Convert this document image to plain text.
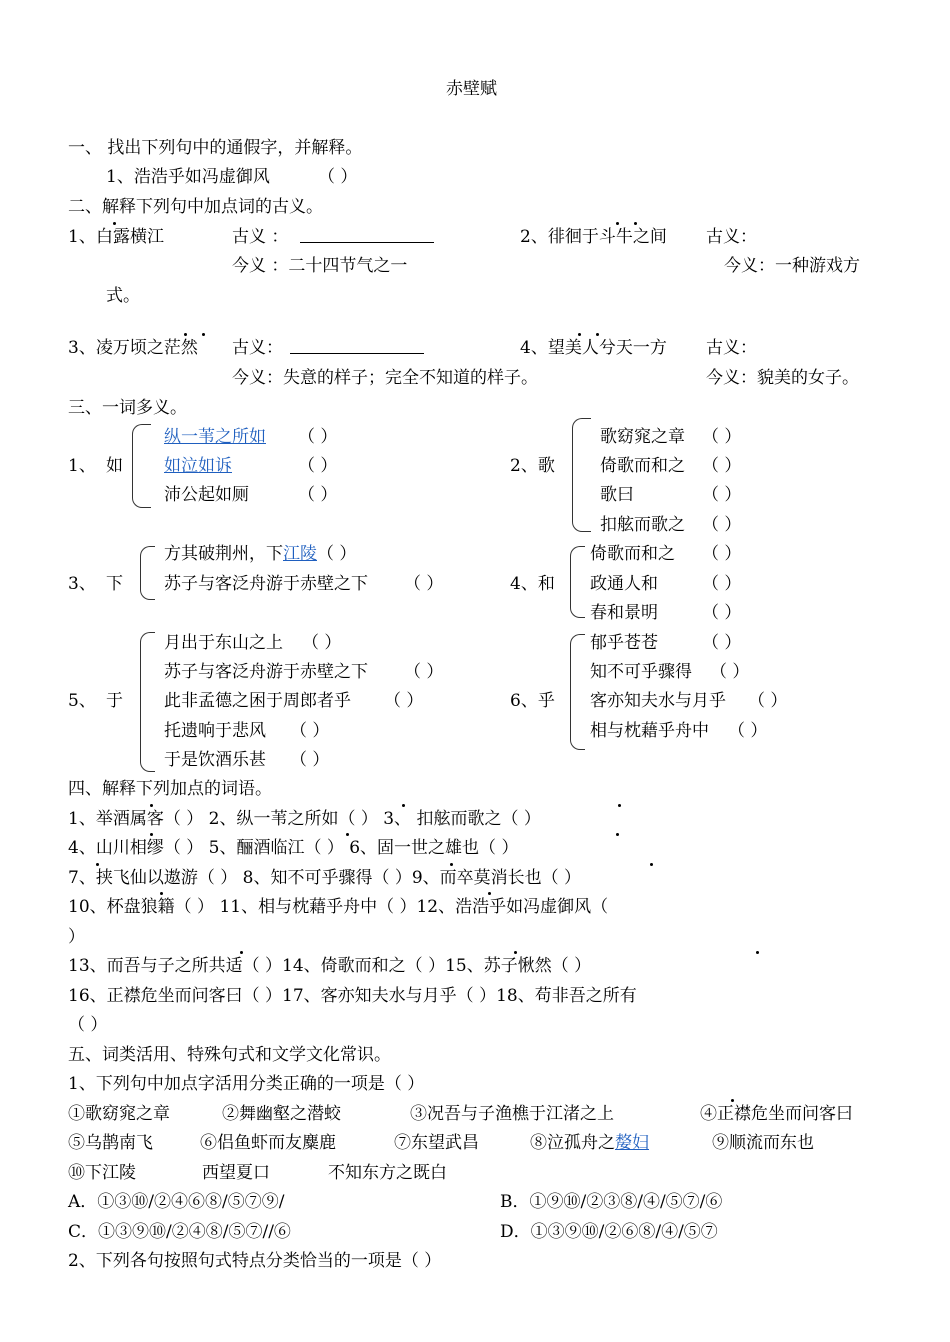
赤壁赋
一、 找出下列句中的通假字，并解释。
1、浩浩乎如冯虚御风	（ ）
二、解释下列句中加点词的古义。
1、 白露横江	古义 ：	2、徘徊于斗牛之间 古义：
今义 ：二十四节气之一	今义：一种游戏方
式。
3、凌万顷之茫然 古义：	4、望美人兮天一方 古义：
今义：失意的样子；完全不知道的样子。	今义：貌美的女子。
三、一词多义。
1、 如
纵一苇之所如 （ ）
如泣如诉	（ ）
沛公起如厕	（ ）
2、歌
歌窈窕之章 （ ）
倚歌而和之 （ ）
歌曰	（ ）
扣舷而歌之 （ ）
3、 下
方其破荆州，下江陵（ ）
苏子与客泛舟游于赤壁之下 （ ）	4、和
倚歌而和之 （ ）
政通人和	（ ）
春和景明	（ ）
5、 于
月出于东山之上 （ ）
苏子与客泛舟游于赤壁之下 （ ）
此非孟德之困于周郎者乎 （ ）
托遗响于悲风 （ ）
于是饮酒乐甚 （ ）
6、乎
郁乎苍苍	（ ）
知不可乎骤得 （ ）
客亦知夫水与月乎 （ ）
相与枕藉乎舟中 （ ）
四、解释下列加点的词语。
1、举酒属客（ ） 2、纵一苇之所如（ ） 3、 扣舷而歌之（ ）
4、山川相缪（ ） 5、酾酒临江（ ） 6、固一世之雄也（ ）
7、挟飞仙以遨游（ ） 8、知不可乎骤得（ ）9、而卒莫消长也（ ）
10、杯盘狼籍（ ） 11、相与枕藉乎舟中（ ）12、浩浩乎如冯虚御风（
）
13、而吾与子之所共适（ ）14、倚歌而和之（ ）15、苏子愀然（ ）
16、正襟危坐而问客曰（ ）17、客亦知夫水与月乎（ ）18、苟非吾之所有
（ ）
五、词类活用、特殊句式和文学文化常识。
1、下列句中加点字活用分类正确的一项是（ ）
①歌窈窕之章	②舞幽壑之潜蛟	③况吾与子渔樵于江渚之上	④正襟危坐而问客曰
⑤乌鹊南飞	⑥侣鱼虾而友麋鹿	⑦东望武昌	⑧泣孤舟之嫠妇	⑨顺流而东也
⑩下江陵	西望夏口	不知东方之既白
A．①③⑩/②④⑥⑧/⑤⑦⑨/	B．①⑨⑩/②③⑧/④/⑤⑦/⑥
C．①③⑨⑩/②④⑧/⑤⑦//⑥	D．①③⑨⑩/②⑥⑧/④/⑤⑦
2、下列各句按照句式特点分类恰当的一项是（ ）
